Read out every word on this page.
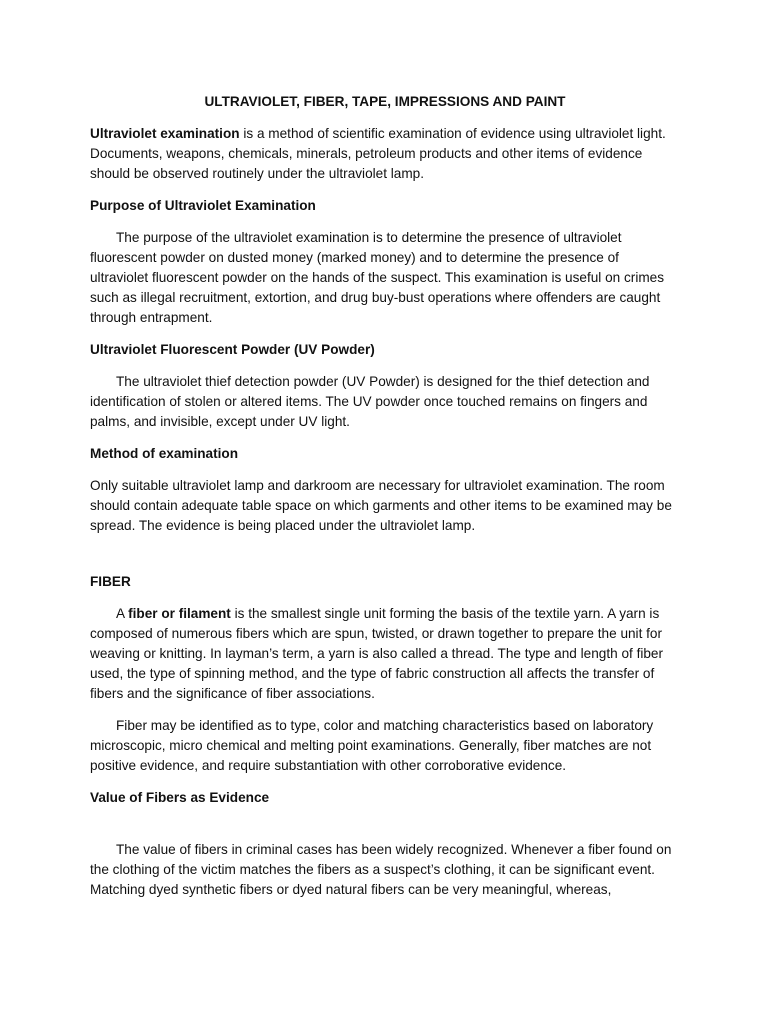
ULTRAVIOLET, FIBER, TAPE, IMPRESSIONS AND PAINT

Ultraviolet examination is a method of scientific examination of evidence using ultraviolet light. Documents, weapons, chemicals, minerals, petroleum products and other items of evidence should be observed routinely under the ultraviolet lamp.

Purpose of Ultraviolet Examination

The purpose of the ultraviolet examination is to determine the presence of ultraviolet fluorescent powder on dusted money (marked money) and to determine the presence of ultraviolet fluorescent powder on the hands of the suspect. This examination is useful on crimes such as illegal recruitment, extortion, and drug buy-bust operations where offenders are caught through entrapment.

Ultraviolet Fluorescent Powder (UV Powder)

The ultraviolet thief detection powder (UV Powder) is designed for the thief detection and identification of stolen or altered items. The UV powder once touched remains on fingers and palms, and invisible, except under UV light.

Method of examination

Only suitable ultraviolet lamp and darkroom are necessary for ultraviolet examination. The room should contain adequate table space on which garments and other items to be examined may be spread. The evidence is being placed under the ultraviolet lamp.

FIBER

A fiber or filament is the smallest single unit forming the basis of the textile yarn. A yarn is composed of numerous fibers which are spun, twisted, or drawn together to prepare the unit for weaving or knitting. In layman’s term, a yarn is also called a thread. The type and length of fiber used, the type of spinning method, and the type of fabric construction all affects the transfer of fibers and the significance of fiber associations.

Fiber may be identified as to type, color and matching characteristics based on laboratory microscopic, micro chemical and melting point examinations. Generally, fiber matches are not positive evidence, and require substantiation with other corroborative evidence.

Value of Fibers as Evidence

The value of fibers in criminal cases has been widely recognized. Whenever a fiber found on the clothing of the victim matches the fibers as a suspect’s clothing, it can be significant event. Matching dyed synthetic fibers or dyed natural fibers can be very meaningful, whereas,
